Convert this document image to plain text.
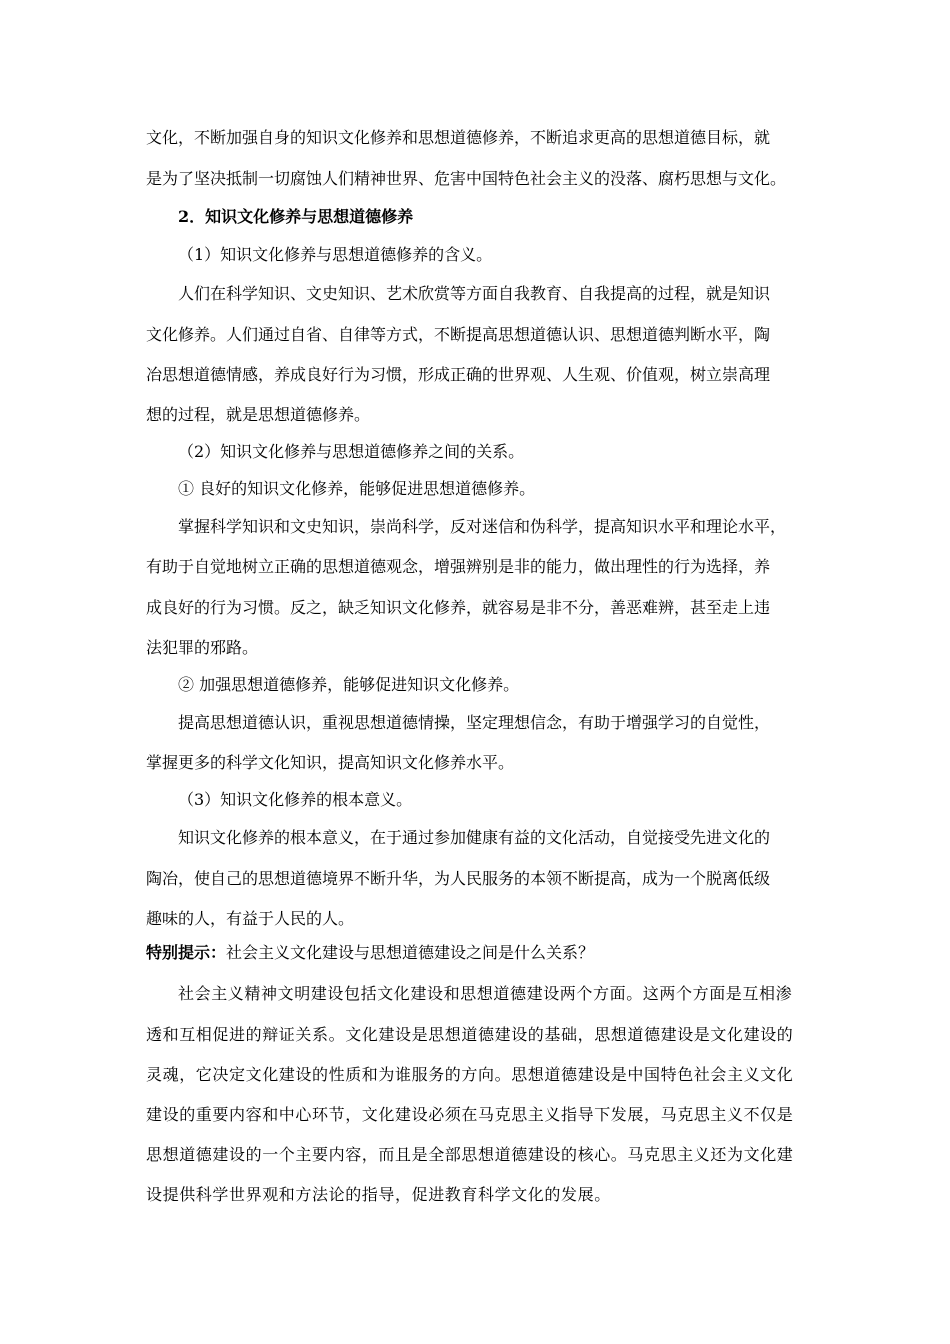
文化，不断加强自身的知识文化修养和思想道德修养，不断追求更高的思想道德目标，就
是为了坚决抵制一切腐蚀人们精神世界、危害中国特色社会主义的没落、腐朽思想与文化。
2．知识文化修养与思想道德修养
（1）知识文化修养与思想道德修养的含义。
人们在科学知识、文史知识、艺术欣赏等方面自我教育、自我提高的过程，就是知识
文化修养。人们通过自省、自律等方式，不断提高思想道德认识、思想道德判断水平，陶
冶思想道德情感，养成良好行为习惯，形成正确的世界观、人生观、价值观，树立崇高理
想的过程，就是思想道德修养。
（2）知识文化修养与思想道德修养之间的关系。
① 良好的知识文化修养，能够促进思想道德修养。
掌握科学知识和文史知识，崇尚科学，反对迷信和伪科学，提高知识水平和理论水平，
有助于自觉地树立正确的思想道德观念，增强辨别是非的能力，做出理性的行为选择，养
成良好的行为习惯。反之，缺乏知识文化修养，就容易是非不分，善恶难辨，甚至走上违
法犯罪的邪路。
② 加强思想道德修养，能够促进知识文化修养。
提高思想道德认识，重视思想道德情操，坚定理想信念，有助于增强学习的自觉性，
掌握更多的科学文化知识，提高知识文化修养水平。
（3）知识文化修养的根本意义。
知识文化修养的根本意义，在于通过参加健康有益的文化活动，自觉接受先进文化的
陶冶，使自己的思想道德境界不断升华，为人民服务的本领不断提高，成为一个脱离低级
趣味的人，有益于人民的人。
特别提示：社会主义文化建设与思想道德建设之间是什么关系？
社会主义精神文明建设包括文化建设和思想道德建设两个方面。这两个方面是互相渗
透和互相促进的辩证关系。文化建设是思想道德建设的基础，思想道德建设是文化建设的
灵魂，它决定文化建设的性质和为谁服务的方向。思想道德建设是中国特色社会主义文化
建设的重要内容和中心环节，文化建设必须在马克思主义指导下发展，马克思主义不仅是
思想道德建设的一个主要内容，而且是全部思想道德建设的核心。马克思主义还为文化建
设提供科学世界观和方法论的指导，促进教育科学文化的发展。
